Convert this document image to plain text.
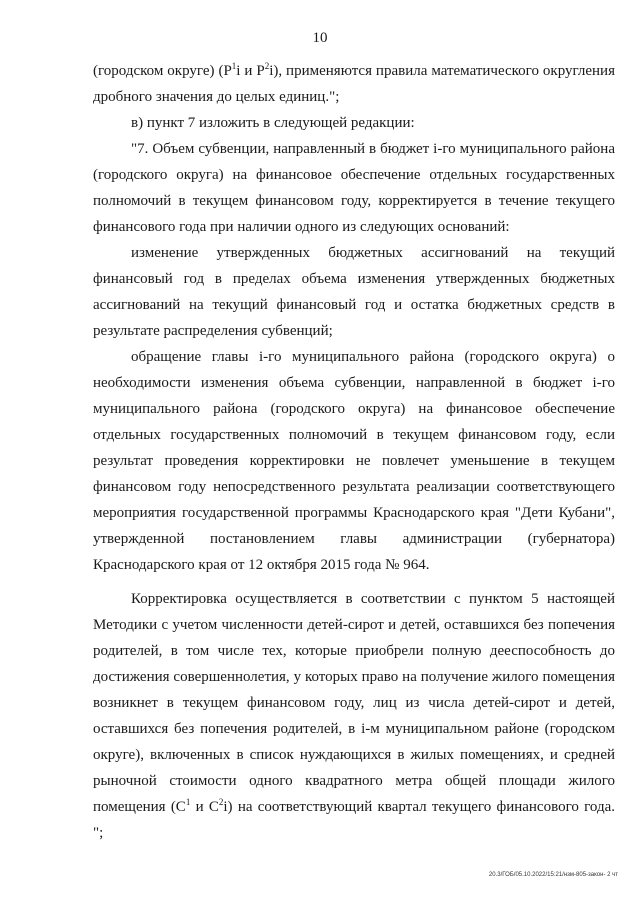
10

(городском округе) ($Р^1i$ и $Р^2i$), применяются правила математического округления дробного значения до целых единиц.";

в) пункт 7 изложить в следующей редакции:

"7. Объем субвенции, направленный в бюджет i-го муниципального района (городского округа) на финансовое обеспечение отдельных государственных полномочий в текущем финансовом году, корректируется в течение текущего финансового года при наличии одного из следующих оснований:

изменение утвержденных бюджетных ассигнований на текущий финансовый год в пределах объема изменения утвержденных бюджетных ассигнований на текущий финансовый год и остатка бюджетных средств в результате распределения субвенций;

обращение главы i-го муниципального района (городского округа) о необходимости изменения объема субвенции, направленной в бюджет i-го муниципального района (городского округа) на финансовое обеспечение отдельных государственных полномочий в текущем финансовом году, если результат проведения корректировки не повлечет уменьшение в текущем финансовом году непосредственного результата реализации соответствующего мероприятия государственной программы Краснодарского края "Дети Кубани", утвержденной постановлением главы администрации (губернатора) Краснодарского края от 12 октября 2015 года № 964.

Корректировка осуществляется в соответствии с пунктом 5 настоящей Методики с учетом численности детей-сирот и детей, оставшихся без попечения родителей, в том числе тех, которые приобрели полную дееспособность до достижения совершеннолетия, у которых право на получение жилого помещения возникнет в текущем финансовом году, лиц из числа детей-сирот и детей, оставшихся без попечения родителей, в i-м муниципальном районе (городском округе), включенных в список нуждающихся в жилых помещениях, и средней рыночной стоимости одного квадратного метра общей площади жилого помещения ($С^1$ и $С^2i$) на соответствующий квартал текущего финансового года. ";

20.3/ГОБ/05.10.2022/15:21/нзм-805-закон- 2 чт
